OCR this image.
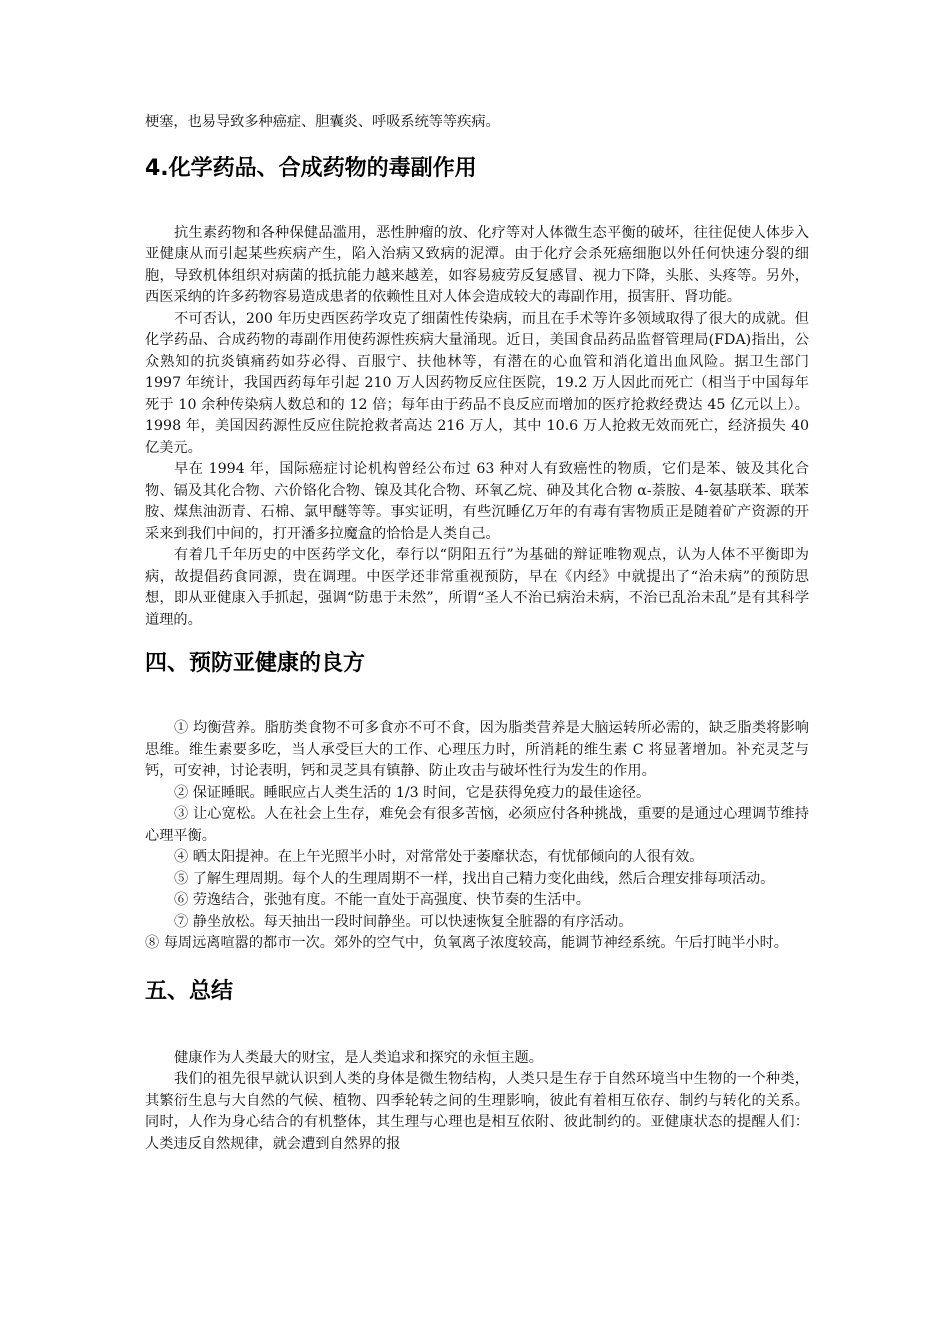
梗塞，也易导致多种癌症、胆囊炎、呼吸系统等等疾病。

4.化学药品、合成药物的毒副作用

抗生素药物和各种保健品滥用，恶性肿瘤的放、化疗等对人体微生态平衡的破坏，往往促使人体步入亚健康从而引起某些疾病产生，陷入治病又致病的泥潭。由于化疗会杀死癌细胞以外任何快速分裂的细胞，导致机体组织对病菌的抵抗能力越来越差，如容易疲劳反复感冒、视力下降，头胀、头疼等。另外，西医采纳的许多药物容易造成患者的依赖性且对人体会造成较大的毒副作用，损害肝、肾功能。

不可否认，200 年历史西医药学攻克了细菌性传染病，而且在手术等许多领域取得了很大的成就。但化学药品、合成药物的毒副作用使药源性疾病大量涌现。近日，美国食品药品监督管理局(FDA)指出，公众熟知的抗炎镇痛药如芬必得、百服宁、扶他林等，有潜在的心血管和消化道出血风险。据卫生部门 1997 年统计，我国西药每年引起 210 万人因药物反应住医院，19.2 万人因此而死亡（相当于中国每年死于 10 余种传染病人数总和的 12 倍；每年由于药品不良反应而增加的医疗抢救经费达 45 亿元以上）。1998 年，美国因药源性反应住院抢救者高达 216 万人，其中 10.6 万人抢救无效而死亡，经济损失 40 亿美元。

早在 1994 年，国际癌症讨论机构曾经公布过 63 种对人有致癌性的物质，它们是苯、铍及其化合物、镉及其化合物、六价铬化合物、镍及其化合物、环氧乙烷、砷及其化合物 α-萘胺、4-氨基联苯、联苯胺、煤焦油沥青、石棉、氯甲醚等等。事实证明，有些沉睡亿万年的有毒有害物质正是随着矿产资源的开采来到我们中间的，打开潘多拉魔盒的恰恰是人类自己。

有着几千年历史的中医药学文化，奉行以“阴阳五行”为基础的辩证唯物观点，认为人体不平衡即为病，故提倡药食同源，贵在调理。中医学还非常重视预防，早在《内经》中就提出了“治未病”的预防思想，即从亚健康入手抓起，强调“防患于未然”，所谓“圣人不治已病治未病，不治已乱治未乱”是有其科学道理的。

四、预防亚健康的良方

① 均衡营养。脂肪类食物不可多食亦不可不食，因为脂类营养是大脑运转所必需的，缺乏脂类将影响思维。维生素要多吃，当人承受巨大的工作、心理压力时，所消耗的维生素 C 将显著增加。补充灵芝与钙，可安神，讨论表明，钙和灵芝具有镇静、防止攻击与破坏性行为发生的作用。

② 保证睡眠。睡眠应占人类生活的 1/3 时间，它是获得免疫力的最佳途径。

③ 让心宽松。人在社会上生存，难免会有很多苦恼，必须应付各种挑战，重要的是通过心理调节维持心理平衡。

④ 晒太阳提神。在上午光照半小时，对常常处于萎靡状态，有忧郁倾向的人很有效。

⑤ 了解生理周期。每个人的生理周期不一样，找出自己精力变化曲线，然后合理安排每项活动。

⑥ 劳逸结合，张弛有度。不能一直处于高强度、快节奏的生活中。

⑦ 静坐放松。每天抽出一段时间静坐。可以快速恢复全脏器的有序活动。

⑧ 每周远离喧嚣的都市一次。郊外的空气中，负氧离子浓度较高，能调节神经系统。午后打盹半小时。

五、总结

健康作为人类最大的财宝，是人类追求和探究的永恒主题。

我们的祖先很早就认识到人类的身体是微生物结构，人类只是生存于自然环境当中生物的一个种类，其繁衍生息与大自然的气候、植物、四季轮转之间的生理影响，彼此有着相互依存、制约与转化的关系。同时，人作为身心结合的有机整体，其生理与心理也是相互依附、彼此制约的。亚健康状态的提醒人们：人类违反自然规律，就会遭到自然界的报
